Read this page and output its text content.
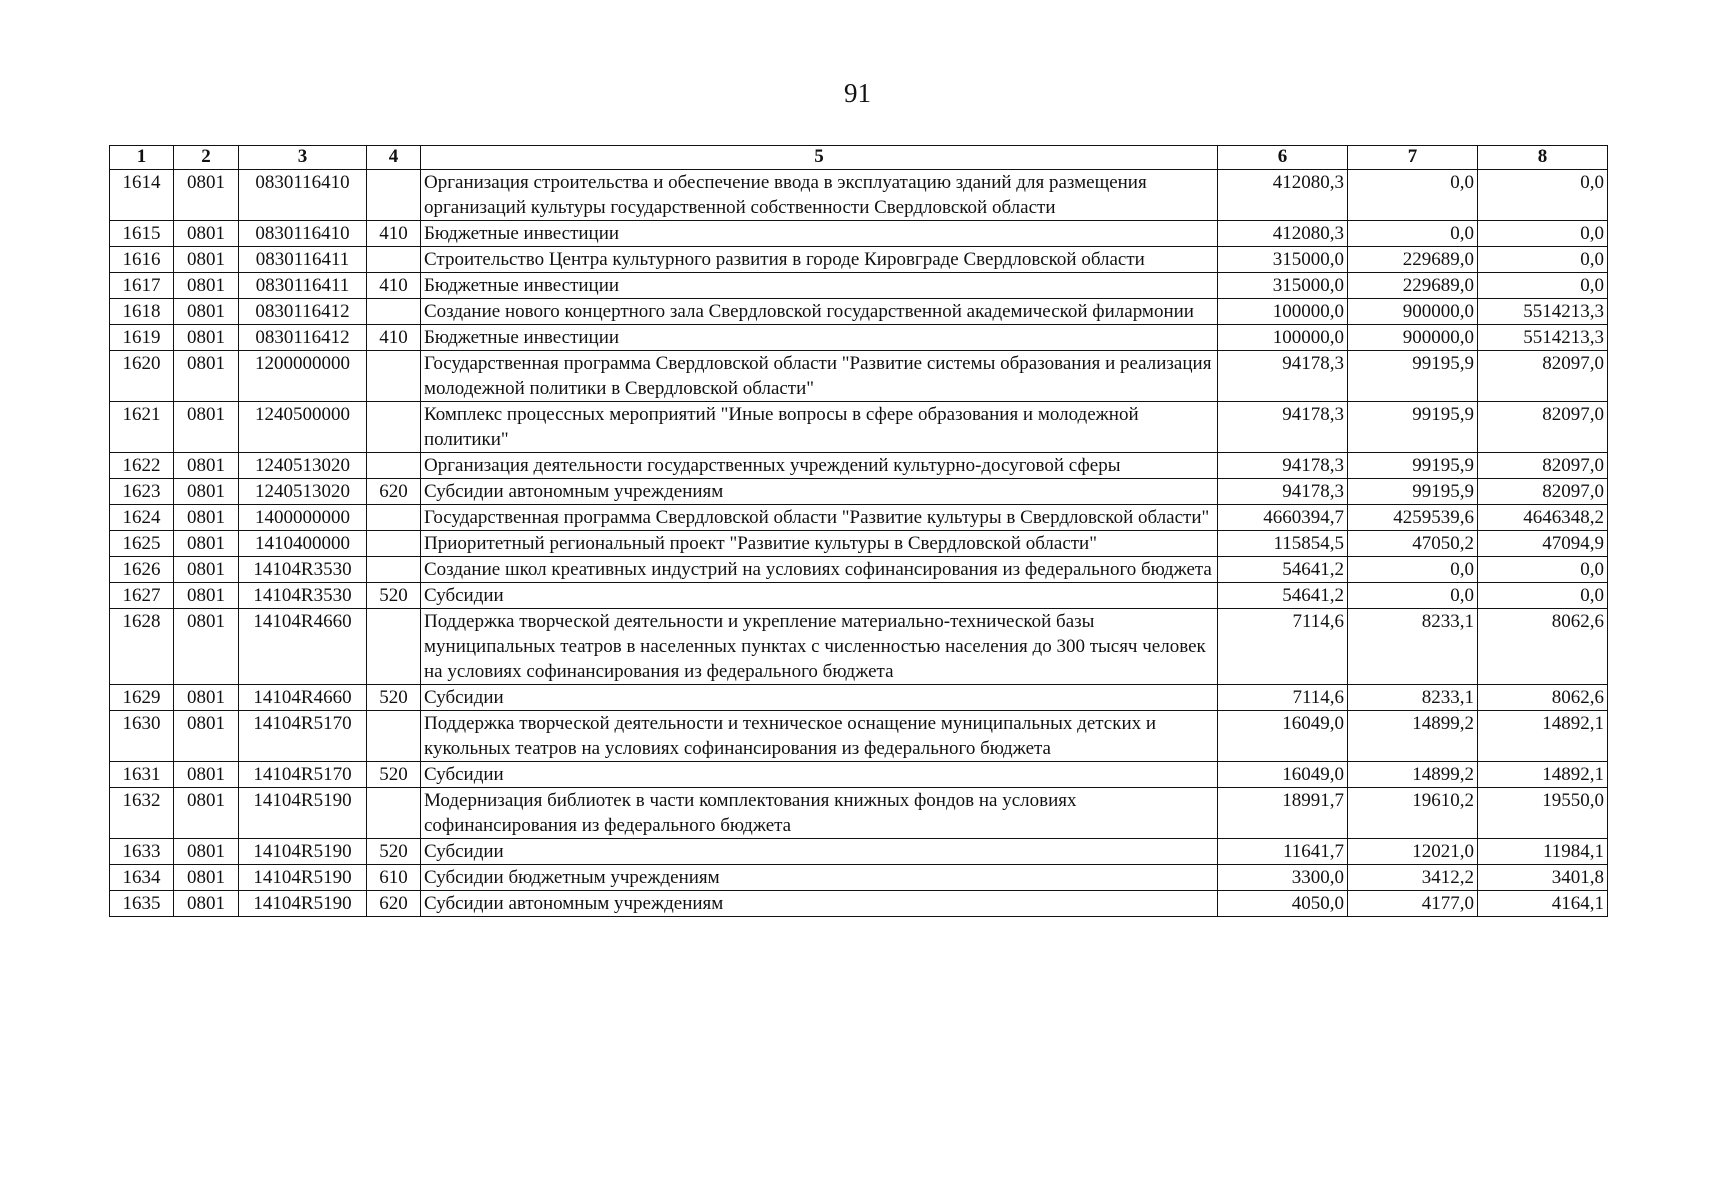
91
1	2	3	4	5	6	7	8
1614	0801	0830116410		Организация строительства и обеспечение ввода в эксплуатацию зданий для размещения организаций культуры государственной собственности Свердловской области	412080,3	0,0	0,0
1615	0801	0830116410	410	Бюджетные инвестиции	412080,3	0,0	0,0
1616	0801	0830116411		Строительство Центра культурного развития в городе Кировграде Свердловской области	315000,0	229689,0	0,0
1617	0801	0830116411	410	Бюджетные инвестиции	315000,0	229689,0	0,0
1618	0801	0830116412		Создание нового концертного зала Свердловской государственной академической филармонии	100000,0	900000,0	5514213,3
1619	0801	0830116412	410	Бюджетные инвестиции	100000,0	900000,0	5514213,3
1620	0801	1200000000		Государственная программа Свердловской области "Развитие системы образования и реализация молодежной политики в Свердловской области"	94178,3	99195,9	82097,0
1621	0801	1240500000		Комплекс процессных мероприятий "Иные вопросы в сфере образования и молодежной политики"	94178,3	99195,9	82097,0
1622	0801	1240513020		Организация деятельности государственных учреждений культурно-досуговой сферы	94178,3	99195,9	82097,0
1623	0801	1240513020	620	Субсидии автономным учреждениям	94178,3	99195,9	82097,0
1624	0801	1400000000		Государственная программа Свердловской области "Развитие культуры в Свердловской области"	4660394,7	4259539,6	4646348,2
1625	0801	1410400000		Приоритетный региональный проект "Развитие культуры в Свердловской области"	115854,5	47050,2	47094,9
1626	0801	14104R3530		Создание школ креативных индустрий на условиях софинансирования из федерального бюджета	54641,2	0,0	0,0
1627	0801	14104R3530	520	Субсидии	54641,2	0,0	0,0
1628	0801	14104R4660		Поддержка творческой деятельности и укрепление материально-технической базы муниципальных театров в населенных пунктах с численностью населения до 300 тысяч человек на условиях софинансирования из федерального бюджета	7114,6	8233,1	8062,6
1629	0801	14104R4660	520	Субсидии	7114,6	8233,1	8062,6
1630	0801	14104R5170		Поддержка творческой деятельности и техническое оснащение муниципальных детских и кукольных театров на условиях софинансирования из федерального бюджета	16049,0	14899,2	14892,1
1631	0801	14104R5170	520	Субсидии	16049,0	14899,2	14892,1
1632	0801	14104R5190		Модернизация библиотек в части комплектования книжных фондов на условиях софинансирования из федерального бюджета	18991,7	19610,2	19550,0
1633	0801	14104R5190	520	Субсидии	11641,7	12021,0	11984,1
1634	0801	14104R5190	610	Субсидии бюджетным учреждениям	3300,0	3412,2	3401,8
1635	0801	14104R5190	620	Субсидии автономным учреждениям	4050,0	4177,0	4164,1
